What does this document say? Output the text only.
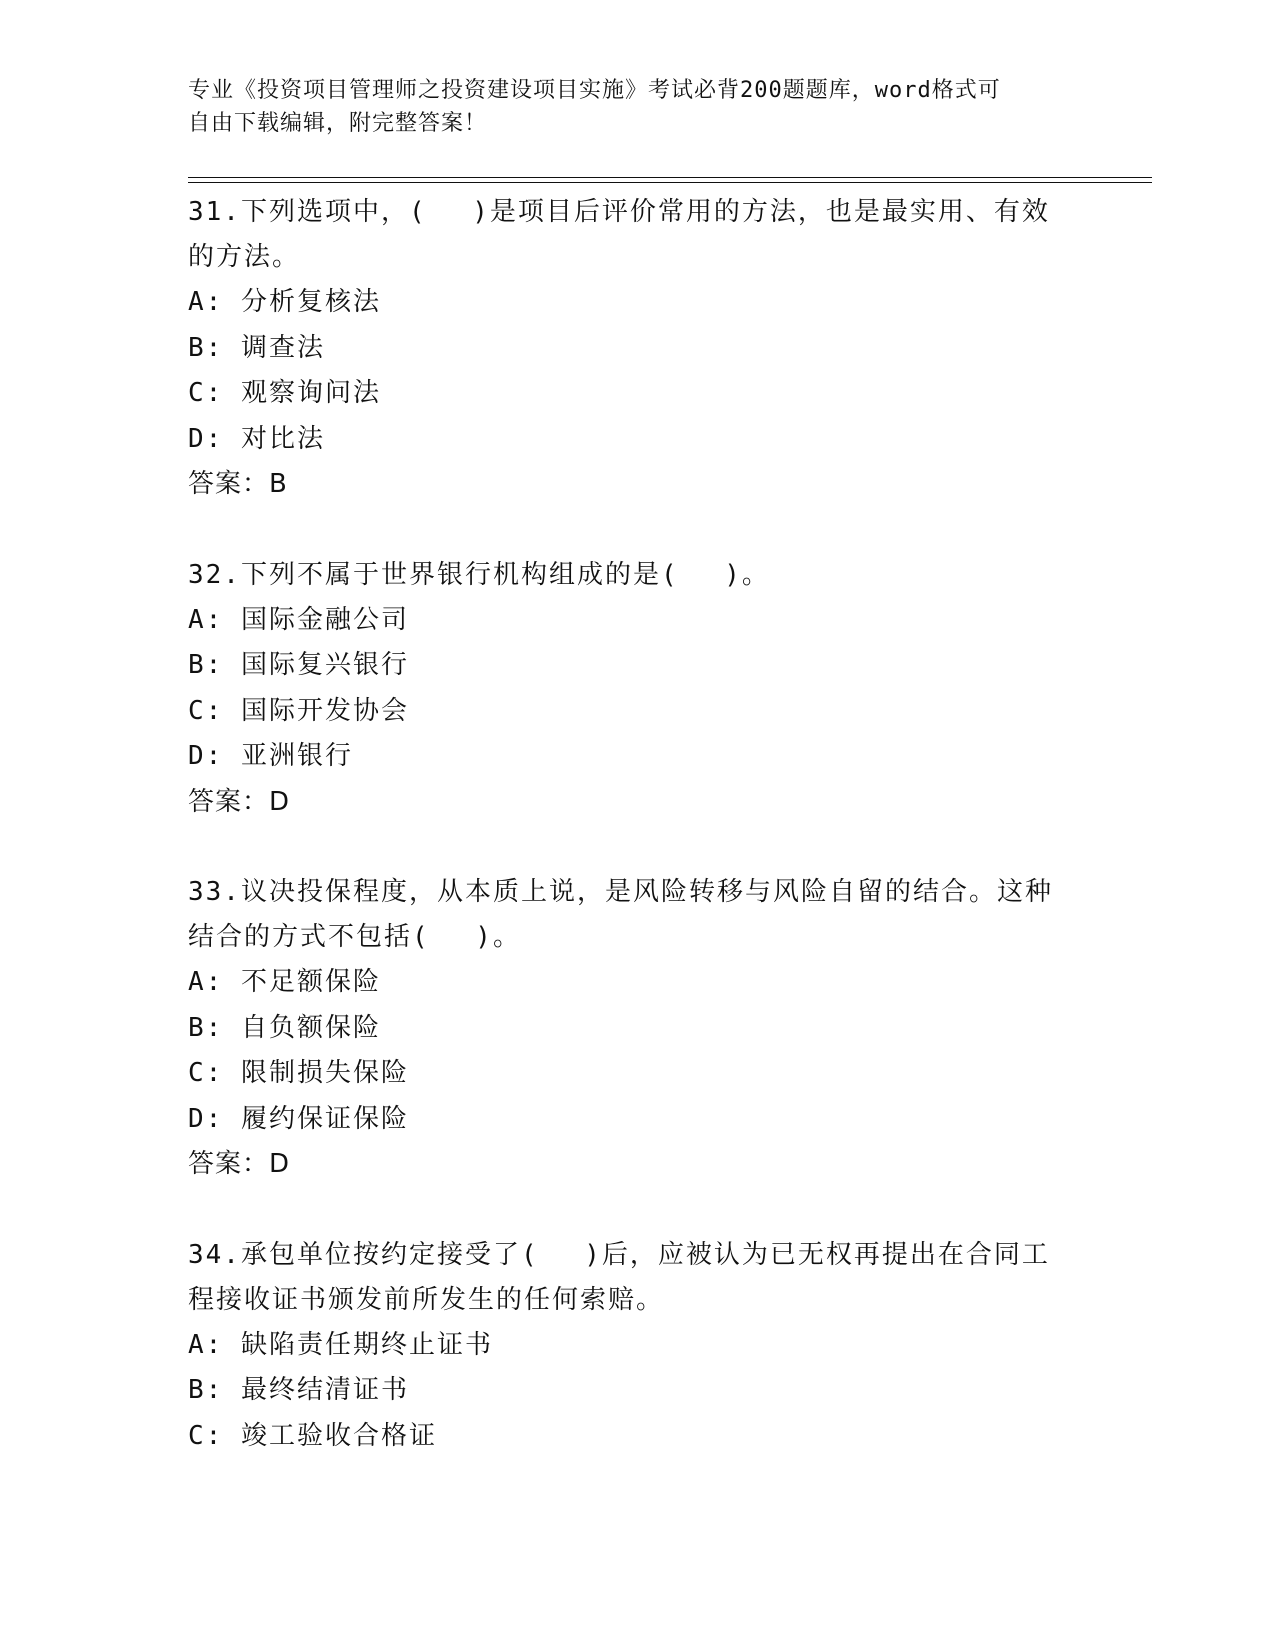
专业《投资项目管理师之投资建设项目实施》考试必背200题题库，word格式可
自由下载编辑，附完整答案！
31.下列选项中，(　 )是项目后评价常用的方法，也是最实用、有效
的方法。
A: 分析复核法
B: 调查法
C: 观察询问法
D: 对比法
答案：B
32.下列不属于世界银行机构组成的是(　 )。
A: 国际金融公司
B: 国际复兴银行
C: 国际开发协会
D: 亚洲银行
答案：D
33.议决投保程度，从本质上说，是风险转移与风险自留的结合。这种
结合的方式不包括(　 )。
A: 不足额保险
B: 自负额保险
C: 限制损失保险
D: 履约保证保险
答案：D
34.承包单位按约定接受了(　 )后，应被认为已无权再提出在合同工
程接收证书颁发前所发生的任何索赔。
A: 缺陷责任期终止证书
B: 最终结清证书
C: 竣工验收合格证
